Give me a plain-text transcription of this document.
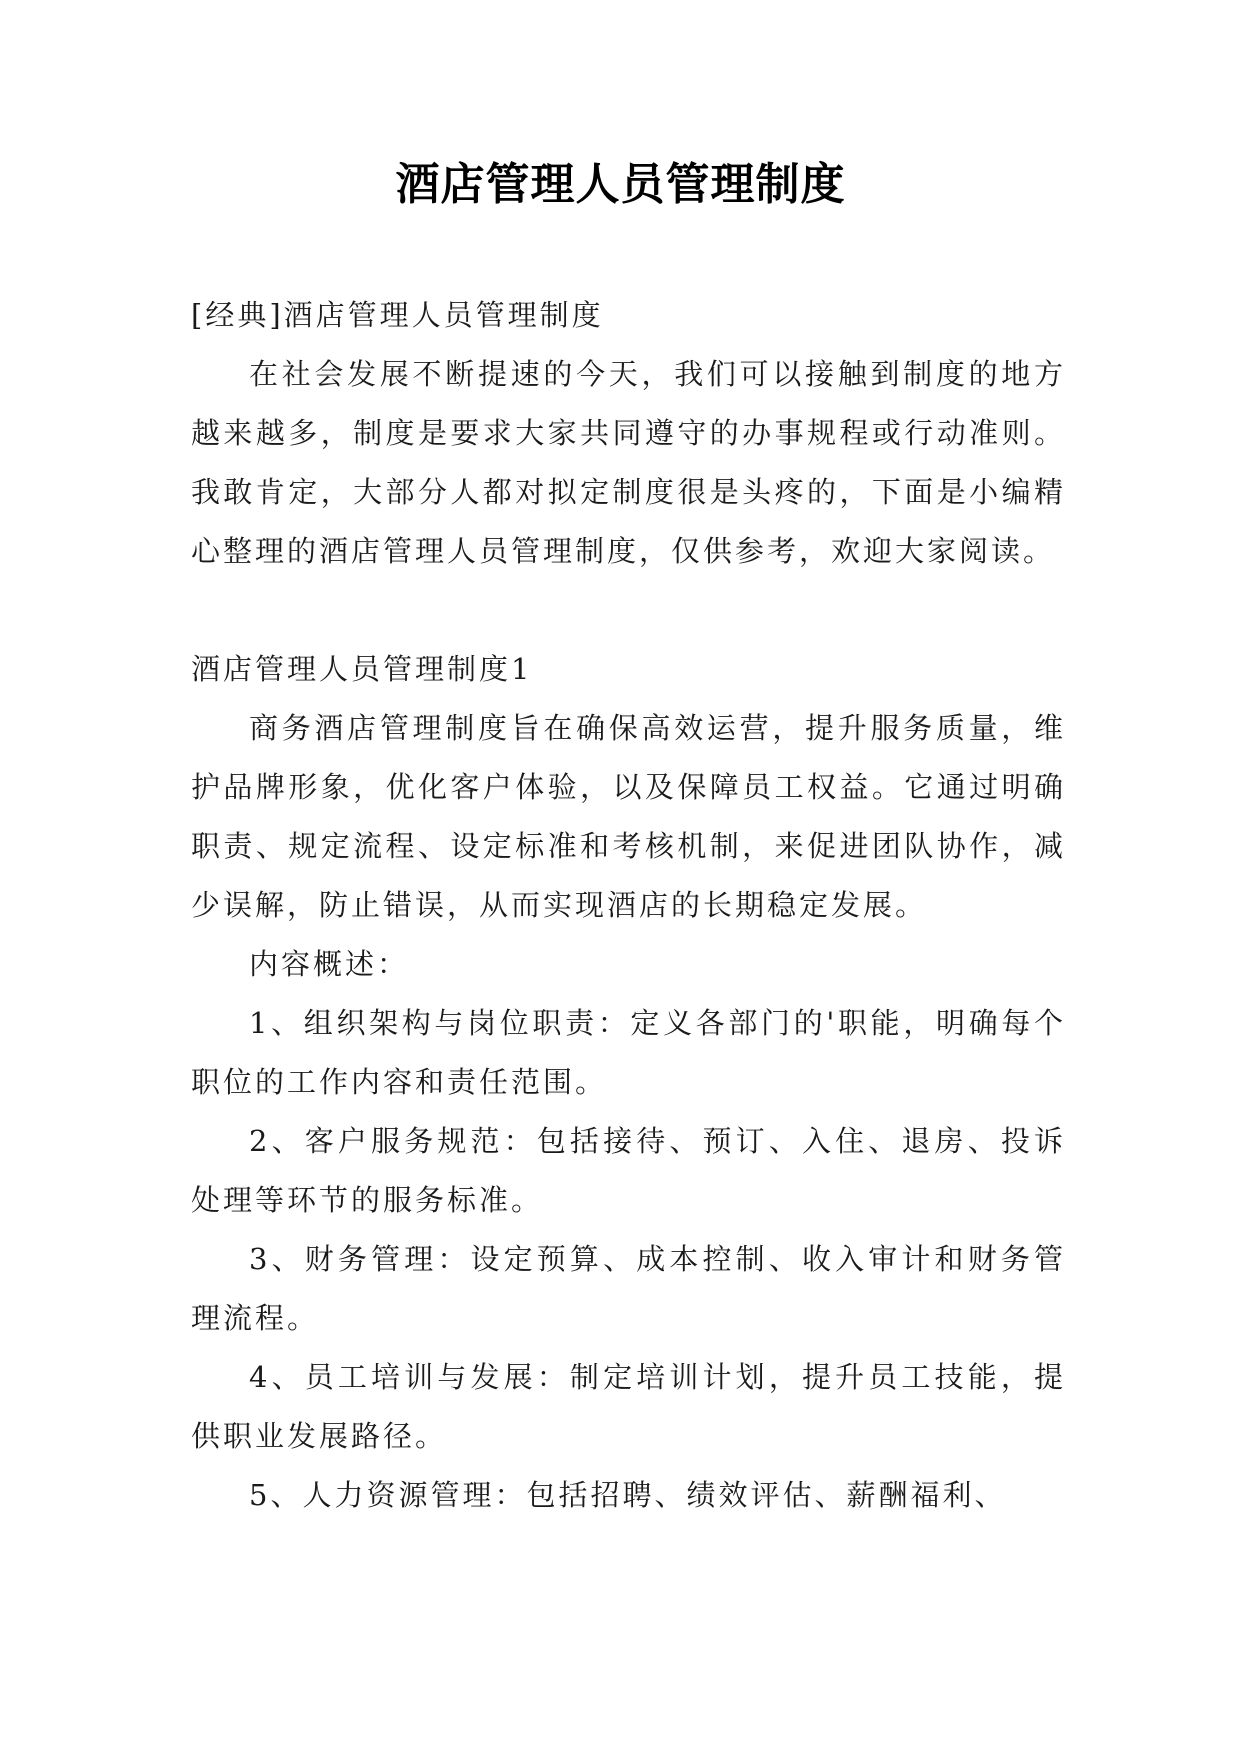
酒店管理人员管理制度

[经典]酒店管理人员管理制度

在社会发展不断提速的今天，我们可以接触到制度的地方越来越多，制度是要求大家共同遵守的办事规程或行动准则。我敢肯定，大部分人都对拟定制度很是头疼的，下面是小编精心整理的酒店管理人员管理制度，仅供参考，欢迎大家阅读。

酒店管理人员管理制度1

商务酒店管理制度旨在确保高效运营，提升服务质量，维护品牌形象，优化客户体验，以及保障员工权益。它通过明确职责、规定流程、设定标准和考核机制，来促进团队协作，减少误解，防止错误，从而实现酒店的长期稳定发展。

内容概述：

1、组织架构与岗位职责：定义各部门的'职能，明确每个职位的工作内容和责任范围。

2、客户服务规范：包括接待、预订、入住、退房、投诉处理等环节的服务标准。

3、财务管理：设定预算、成本控制、收入审计和财务管理流程。

4、员工培训与发展：制定培训计划，提升员工技能，提供职业发展路径。

5、人力资源管理：包括招聘、绩效评估、薪酬福利、
